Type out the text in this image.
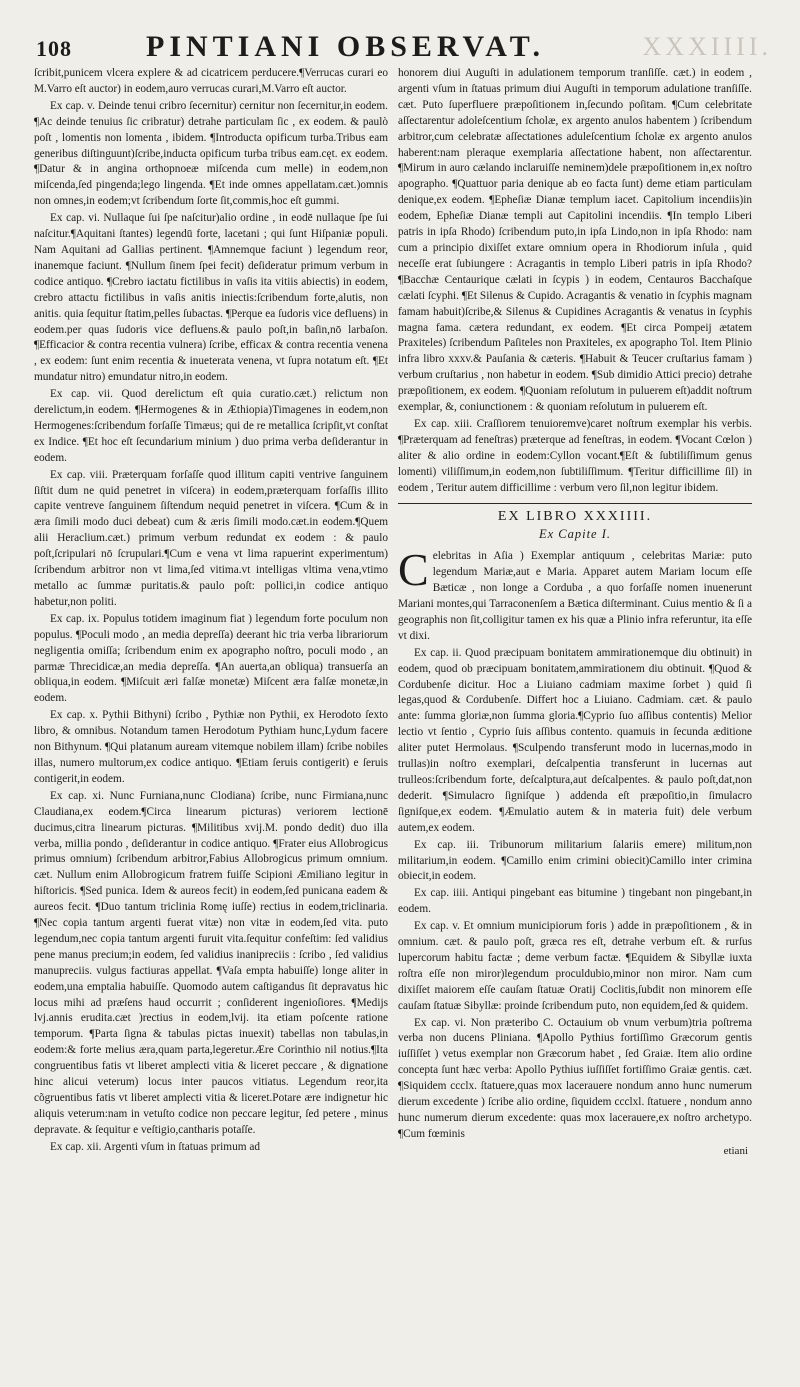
108 PINTIANI OBSERVAT.	XXXIIII.

ſcribit,punicem vlcera explere & ad cicatricem perducere.¶Verrucas curari eo M.Varro eſt auctor) in eodem,auro verrucas curari,M.Varro eſt auctor.

Ex cap. v. Deinde tenui cribro ſecernitur) cernitur non ſecernitur,in eodem. ¶Ac deinde tenuius ſic cribratur) detrahe particulam ſic , ex eodem. & paulò poſt , lomentis non lomenta , ibidem. ¶Introducta opificum turba.Tribus eam generibus diſtinguunt)ſcribe,inducta opificum turba tribus eam.cęt. ex eodem. ¶Datur & in angina orthopnoeæ miſcenda cum melle) in eodem,non miſcenda,ſed pingenda;lego lingenda. ¶Et inde omnes appellatam.cæt.)omnis non omnes,in eodem;vt ſcribendum ſorte ſit,commis,hoc eſt gummi.

Ex cap. vi. Nullaque ſui ſpe naſcitur)alio ordine , in eodē nullaque ſpe ſui naſcitur.¶Aquitani ſtantes) legendū forte, lacetani ; qui ſunt Hiſpaniæ populi. Nam Aquitani ad Gallias pertinent. ¶Amnemque faciunt ) legendum reor, inanemque faciunt. ¶Nullum ſinem ſpei fecit) deſideratur primum verbum in codice antiquo. ¶Crebro iactatu fictilibus in vaſis ita vitiis abiectis) in eodem, crebro attactu fictilibus in vaſis anitis iniectis:ſcribendum forte,alutis, non anitis. quia ſequitur ſtatim,pelles ſubactas. ¶Perque ea ſudoris vice defluens) in eodem.per quas ſudoris vice defluens.& paulo poſt,in baſin,nō larbaſon. ¶Efficacior & contra recentia vulnera) ſcribe, efficax & contra recentia venena , ex eodem: ſunt enim recentia & inueterata venena, vt ſupra notatum eſt. ¶Et mundatur nitro) emundatur nitro,in eodem.

Ex cap. vii. Quod derelictum eſt quia curatio.cæt.) relictum non derelictum,in eodem. ¶Hermogenes & in Æthiopia)Timagenes in eodem,non Hermogenes:ſcribendum forſaſſe Timæus; qui de re metallica ſcripſit,vt conſtat ex Indice. ¶Et hoc eſt ſecundarium minium ) duo prima verba deſiderantur in eodem.

Ex cap. viii. Præterquam forſaſſe quod illitum capiti ventrive ſanguinem ſiſtit dum ne quid penetret in viſcera) in eodem,præterquam forſaſſis illito capite ventreve ſanguinem ſiſtendum nequid penetret in viſcera. ¶Cum & in æra ſimili modo duci debeat) cum & æris ſimili modo.cæt.in eodem.¶Quem alii Heraclium.cæt.) primum verbum redundat ex eodem : & paulo poſt,ſcripulari nō ſcrupulari.¶Cum e vena vt lima rapuerint experimentum) ſcribendum arbitror non vt lima,ſed vitima.vt intelligas vltima vena,vtimo metallo ac ſummæ puritatis.& paulo poſt: pollici,in codice antiquo habetur,non politi.

Ex cap. ix. Populus totidem imaginum fiat ) legendum forte poculum non populus. ¶Poculi modo , an media depreſſa) deerant hic tria verba librariorum negligentia omiſſa; ſcribendum enim ex apographo noſtro, poculi modo , an parmæ Threcidicæ,an media depreſſa. ¶An auerta,an obliqua) transuerſa an obliqua,in eodem. ¶Miſcuit æri falſæ monetæ) Miſcent æra falſæ monetæ,in eodem.

Ex cap. x. Pythii Bithyni) ſcribo , Pythiæ non Pythii, ex Herodoto ſexto libro, & omnibus. Notandum tamen Herodotum Pythiam hunc,Lydum facere non Bithynum. ¶Qui platanum auream vitemque nobilem illam) ſcribe nobiles illas, numero multorum,ex codice antiquo. ¶Etiam ſeruis contigerit) e ſeruis contigerit,in eodem.

Ex cap. xi. Nunc Furniana,nunc Clodiana) ſcribe, nunc Firmiana,nunc Claudiana,ex eodem.¶Circa linearum picturas) veriorem lectionē ducimus,citra linearum picturas. ¶Militibus xvij.M. pondo dedit) duo illa verba, millia pondo , deſiderantur in codice antiquo. ¶Frater eius Allobrogicus primus omnium) ſcribendum arbitror,Fabius Allobrogicus primum omnium. cæt. Nullum enim Allobrogicum fratrem fuiſſe Scipioni Æmiliano legitur in hiſtoricis. ¶Sed punica. Idem & aureos fecit) in eodem,ſed punicana eadem & aureos fecit. ¶Duo tantum triclinia Romę iuſſe) rectius in eodem,triclinaria. ¶Nec copia tantum argenti fuerat vitæ) non vitæ in eodem,ſed vita. puto legendum,nec copia tantum argenti furuit vita.ſequitur confeſtim: ſed validius pene manus precium;in eodem, ſed validius inanipreciis : ſcribo , ſed validius manupreciis. vulgus factiuras appellat. ¶Vaſa empta habuiſſe) longe aliter in eodem,una emptalia habuiſſe. Quomodo autem caſtigandus ſit depravatus hic locus mihi ad præſens haud occurrit ; conſiderent ingenioſiores. ¶Medijs lvj.annis erudita.cæt )rectius in eodem,lvij. ita etiam poſcente ratione temporum. ¶Parta ſigna & tabulas pictas inuexit) tabellas non tabulas,in eodem:& forte melius æra,quam parta,legeretur.Ære Corinthio nil notius.¶Ita congruentibus fatis vt liberet amplecti vitia & liceret peccare , & dignatione hinc alicui veterum) locus inter paucos vitiatus. Legendum reor,ita cõgruentibus fatis vt liberet amplecti vitia & liceret.Potare ære indignetur hic aliquis veterum:nam in vetuſto codice non peccare legitur, ſed petere , minus depravate. & ſequitur e veſtigio,cantharis potaſſe.

Ex cap. xii. Argenti vſum in ſtatuas primum ad

honorem diui Auguſti in adulationem temporum tranſiſſe. cæt.) in eodem , argenti vſum in ſtatuas primum diui Auguſti in temporum adulatione tranſiſſe. cæt. Puto ſuperfluere præpoſitionem in,ſecundo poſitam. ¶Cum celebritate aſſectarentur adoleſcentium ſcholæ, ex argento anulos habentem ) ſcribendum arbitror,cum celebratæ aſſectationes aduleſcentium ſcholæ ex argento anulos haberent:nam pleraque exemplaria aſſectatione habent, non aſſectarentur. ¶Mirum in auro cælando inclaruiſſe neminem)dele præpoſitionem in,ex noſtro apographo. ¶Quattuor paria denique ab eo facta ſunt) deme etiam particulam denique,ex eodem. ¶Epheſiæ Dianæ templum iacet. Capitolium incendiis)in eodem, Epheſiæ Dianæ templi aut Capitolini incendiis. ¶In templo Liberi patris in ipſa Rhodo) ſcribendum puto,in ipſa Lindo,non in ipſa Rhodo: nam cum a principio dixiſſet extare omnium opera in Rhodiorum inſula , quid neceſſe erat ſubiungere : Acragantis in templo Liberi patris in ipſa Rhodo? ¶Bacchæ Centaurique cælati in ſcypis ) in eodem, Centauros Bacchaſque cælati ſcyphi. ¶Et Silenus & Cupido. Acragantis & venatio in ſcyphis magnam famam habuit)ſcribe,& Silenus & Cupidines Acragantis & venatus in ſcyphis magna fama. cætera redundant, ex eodem. ¶Et circa Pompeij ætatem Praxiteles) ſcribendum Paſiteles non Praxiteles, ex apographo Tol. Item Plinio infra libro xxxv.& Pauſania & cæteris. ¶Habuit & Teucer cruſtarius famam ) verbum cruſtarius , non habetur in eodem. ¶Sub dimidio Attici precio) detrahe præpoſitionem, ex eodem. ¶Quoniam reſolutum in puluerem eſt)addit noſtrum exemplar, &, coniunctionem : & quoniam reſolutum in puluerem eſt.

Ex cap. xiii. Craſſiorem tenuioremve)caret noſtrum exemplar his verbis. ¶Præterquam ad feneſtras) præterque ad feneſtras, in eodem. ¶Vocant Cœlon ) aliter & alio ordine in eodem:Cyllon vocant.¶Eſt & ſubtiliſſimum genus lomenti) viliſſimum,in eodem,non ſubtiliſſimum. ¶Teritur difficillime ſil) in eodem , Teritur autem difficillime : verbum vero ſil,non legitur ibidem.

EX LIBRO XXXIIII.
Ex Capite I.

Celebritas in Aſia ) Exemplar antiquum , celebritas Mariæ: puto legendum Mariæ,aut e Maria. Apparet autem Mariam locum eſſe Bæticæ , non longe a Corduba , a quo forſaſſe nomen inuenerunt Mariani montes,qui Tarraconenſem a Bætica diſterminant. Cuius mentio & ſi a geographis non ſit,colligitur tamen ex his quæ a Plinio infra referuntur, ita eſſe vt dixi.

Ex cap. ii. Quod præcipuam bonitatem ammirationemque diu obtinuit) in eodem, quod ob præcipuam bonitatem,ammirationem diu obtinuit. ¶Quod & Cordubenſe dicitur. Hoc a Liuiano cadmiam maxime ſorbet ) quid ſi legas,quod & Cordubenſe. Differt hoc a Liuiano. Cadmiam. cæt. & paulo ante: ſumma gloriæ,non ſumma gloria.¶Cyprio ſuo aſſibus contentis) Melior lectio vt ſentio , Cyprio ſuis aſſibus contento. quamuis in ſecunda æditione aliter putet Hermolaus. ¶Sculpendo transferunt modo in lucernas,modo in trullas)in noſtro exemplari, deſcalpentia transferunt in lucernas aut trulleos:ſcribendum forte, deſcalptura,aut deſcalpentes. & paulo poſt,dat,non dederit. ¶Simulacro ſigniſque ) addenda eſt præpoſitio,in ſimulacro ſigniſque,ex eodem. ¶Æmulatio autem & in materia fuit) dele verbum autem,ex eodem.

Ex cap. iii. Tribunorum militarium ſalariis emere) militum,non militarium,in eodem. ¶Camillo enim crimini obiecit)Camillo inter crimina obiecit,in eodem.

Ex cap. iiii. Antiqui pingebant eas bitumine ) tingebant non pingebant,in eodem.

Ex cap. v. Et omnium municipiorum foris ) adde in præpoſitionem , & in omnium. cæt. & paulo poſt, græca res eſt, detrahe verbum eſt. & rurſus lupercorum habitu factæ ; deme verbum factæ. ¶Equidem & Sibyllæ iuxta roſtra eſſe non miror)legendum proculdubio,minor non miror. Nam cum dixiſſet maiorem eſſe cauſam ſtatuæ Oratij Coclitis,ſubdit non minorem eſſe cauſam ſtatuæ Sibyllæ: proinde ſcribendum puto, non equidem,ſed & quidem.

Ex cap. vi. Non præteribo C. Octauium ob vnum verbum)tria poſtrema verba non ducens Pliniana. ¶Apollo Pythius fortiſſimo Græcorum gentis iuſſiſſet ) vetus exemplar non Græcorum habet , ſed Graiæ. Item alio ordine concepta ſunt hæc verba: Apollo Pythius iuſſiſſet fortiſſimo Graiæ gentis. cæt. ¶Siquidem ccclx. ſtatuere,quas mox lacerauere nondum anno hunc numerum dierum excedente ) ſcribe alio ordine, ſiquidem ccclxl. ſtatuere , nondum anno hunc numerum dierum excedente: quas mox lacerauere,ex noſtro archetypo. ¶Cum fœminis

etiani
